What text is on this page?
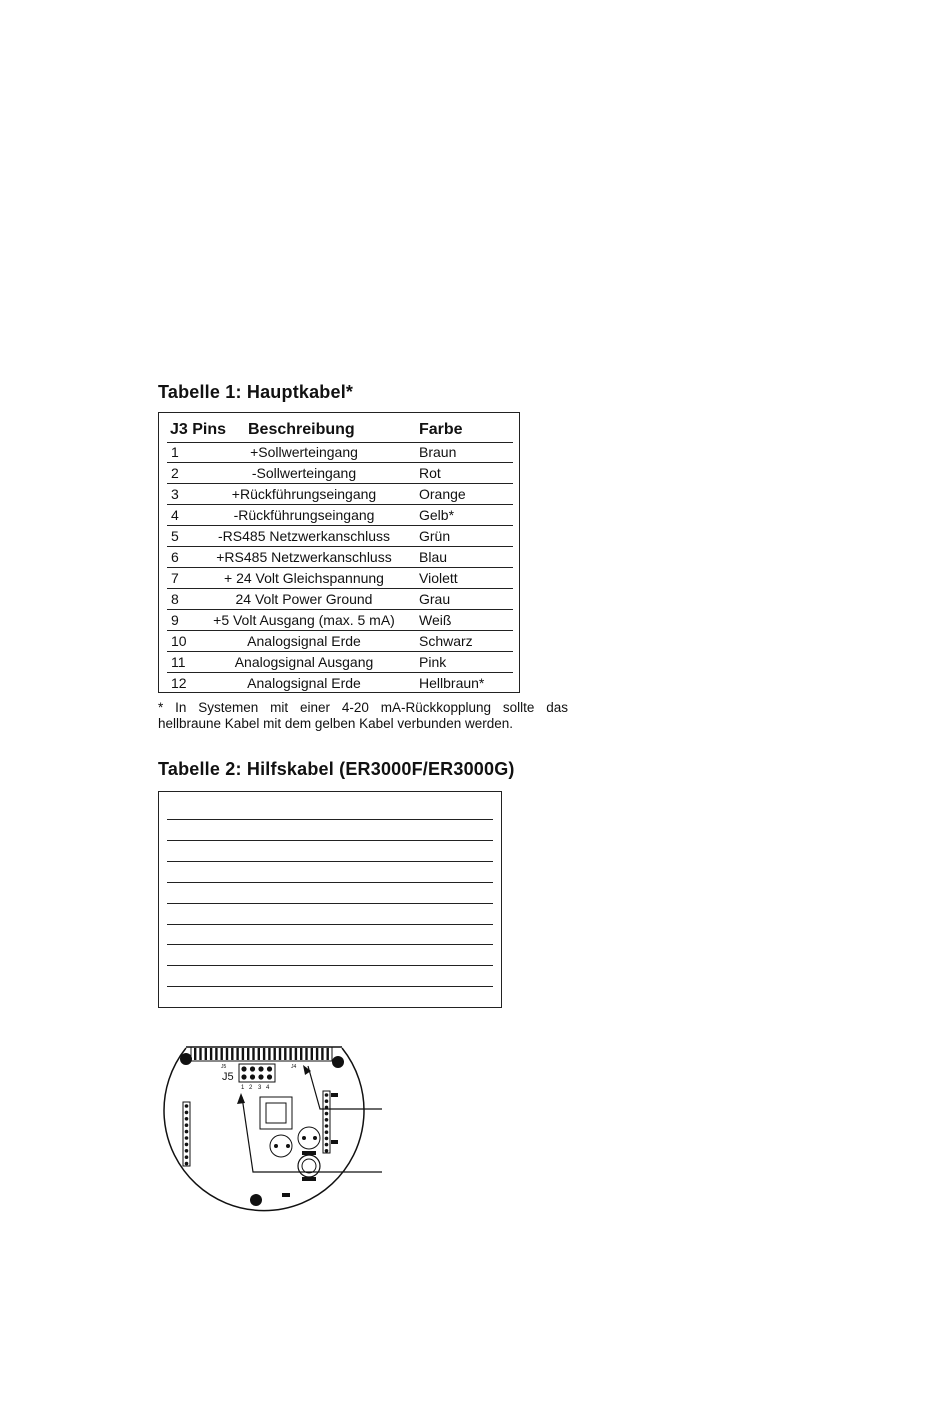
Tabelle 1: Hauptkabel*
J3 Pins Beschreibung	Farbe
1	+Sollwerteingang	Braun
2	-Sollwerteingang	Rot
3	+Rückführungseingang	Orange
4	-Rückführungseingang	Gelb*
5	-RS485 Netzwerkanschluss	Grün
6	+RS485 Netzwerkanschluss	Blau
7	+ 24 Volt Gleichspannung	Violett
8	24 Volt Power Ground	Grau
9	+5 Volt Ausgang (max. 5 mA)	Weiß
10	Analogsignal Erde	Schwarz
11	Analogsignal Ausgang	Pink
12	Analogsignal Erde	Hellbraun*

* In Systemen mit einer 4-20 mA-Rückkopplung sollte das

hellbraune Kabel mit dem gelben Kabel verbunden werden.

Tabelle 2: Hilfskabel (ER3000F/ER3000G)
J5
J5	J4
1 2 3 4
